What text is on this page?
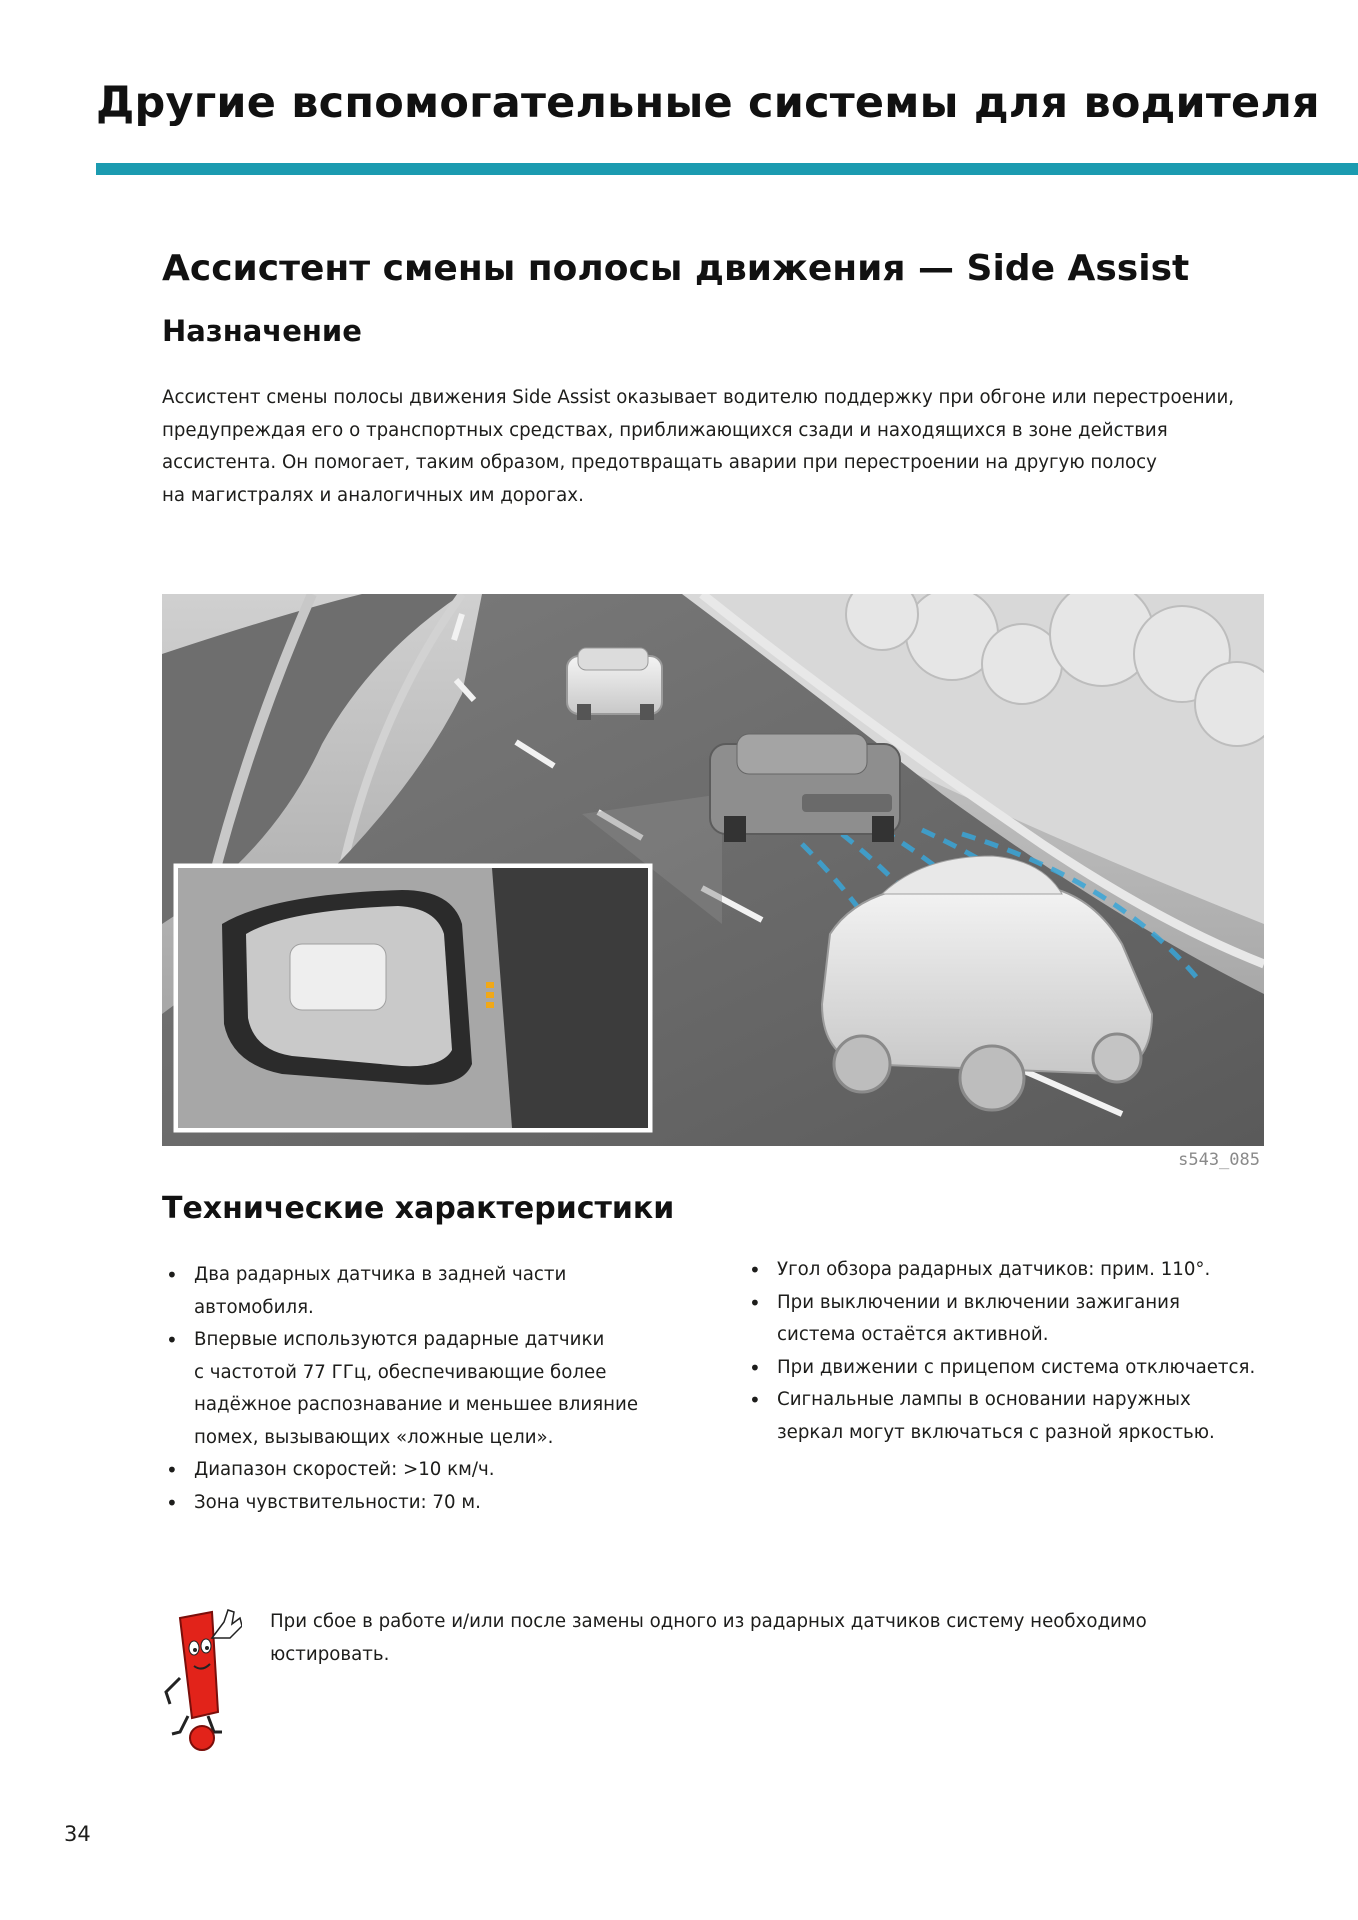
Другие вспомогательные системы для водителя
Ассистент смены полосы движения — Side Assist
Назначение

Ассистент смены полосы движения Side Assist оказывает водителю поддержку при обгоне или перестроении,
предупреждая его о транспортных средствах, приближающихся сзади и находящихся в зоне действия
ассистента. Он помогает, таким образом, предотвращать аварии при перестроении на другую полосу
на магистралях и аналогичных им дорогах.

s543_085
Технические характеристики
• Два радарных датчика в задней части
автомобиля.
• Впервые используются радарные датчики
с частотой 77 ГГц, обеспечивающие более
надёжное распознавание и меньшее влияние
помех, вызывающих «ложные цели».
• Диапазон скоростей: >10 км/ч.
• Зона чувствительности: 70 м.
• Угол обзора радарных датчиков: прим. 110°.
• При выключении и включении зажигания
система остаётся активной.
• При движении с прицепом система отключается.
• Сигнальные лампы в основании наружных
зеркал могут включаться с разной яркостью.

При сбое в работе и/или после замены одного из радарных датчиков систему необходимо
юстировать.

34
